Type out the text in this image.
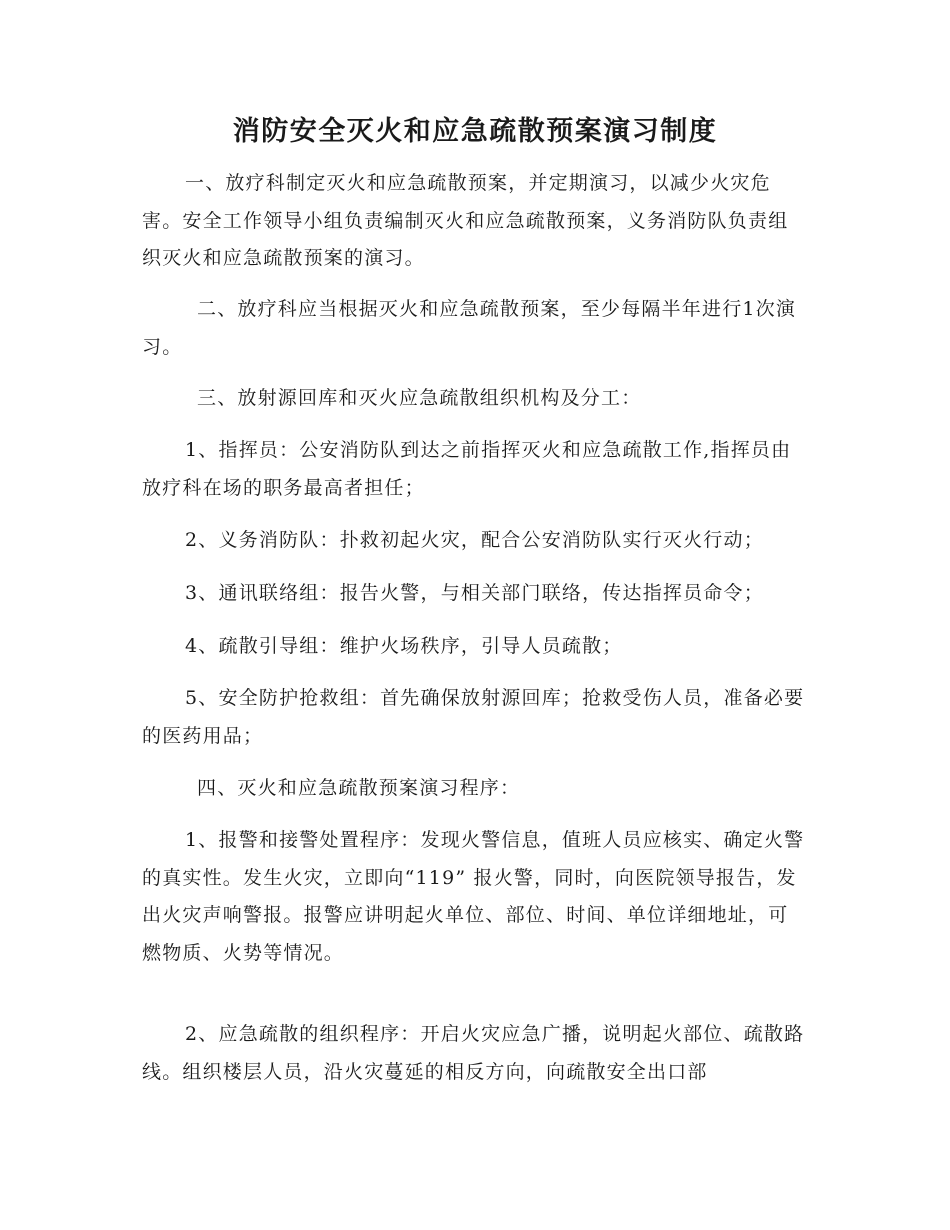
消防安全灭火和应急疏散预案演习制度

一、放疗科制定灭火和应急疏散预案，并定期演习，以减少火灾危害。安全工作领导小组负责编制灭火和应急疏散预案，义务消防队负责组织灭火和应急疏散预案的演习。

二、放疗科应当根据灭火和应急疏散预案，至少每隔半年进行1次演习。

三、放射源回库和灭火应急疏散组织机构及分工：

1、指挥员：公安消防队到达之前指挥灭火和应急疏散工作,指挥员由放疗科在场的职务最高者担任；

2、义务消防队：扑救初起火灾，配合公安消防队实行灭火行动；

3、通讯联络组：报告火警，与相关部门联络，传达指挥员命令；

4、疏散引导组：维护火场秩序，引导人员疏散；

5、安全防护抢救组：首先确保放射源回库；抢救受伤人员，准备必要的医药用品；

四、灭火和应急疏散预案演习程序：

1、报警和接警处置程序：发现火警信息，值班人员应核实、确定火警的真实性。发生火灾，立即向“119” 报火警，同时，向医院领导报告，发出火灾声响警报。报警应讲明起火单位、部位、时间、单位详细地址，可燃物质、火势等情况。

2、应急疏散的组织程序：开启火灾应急广播，说明起火部位、疏散路线。组织楼层人员，沿火灾蔓延的相反方向，向疏散安全出口部
